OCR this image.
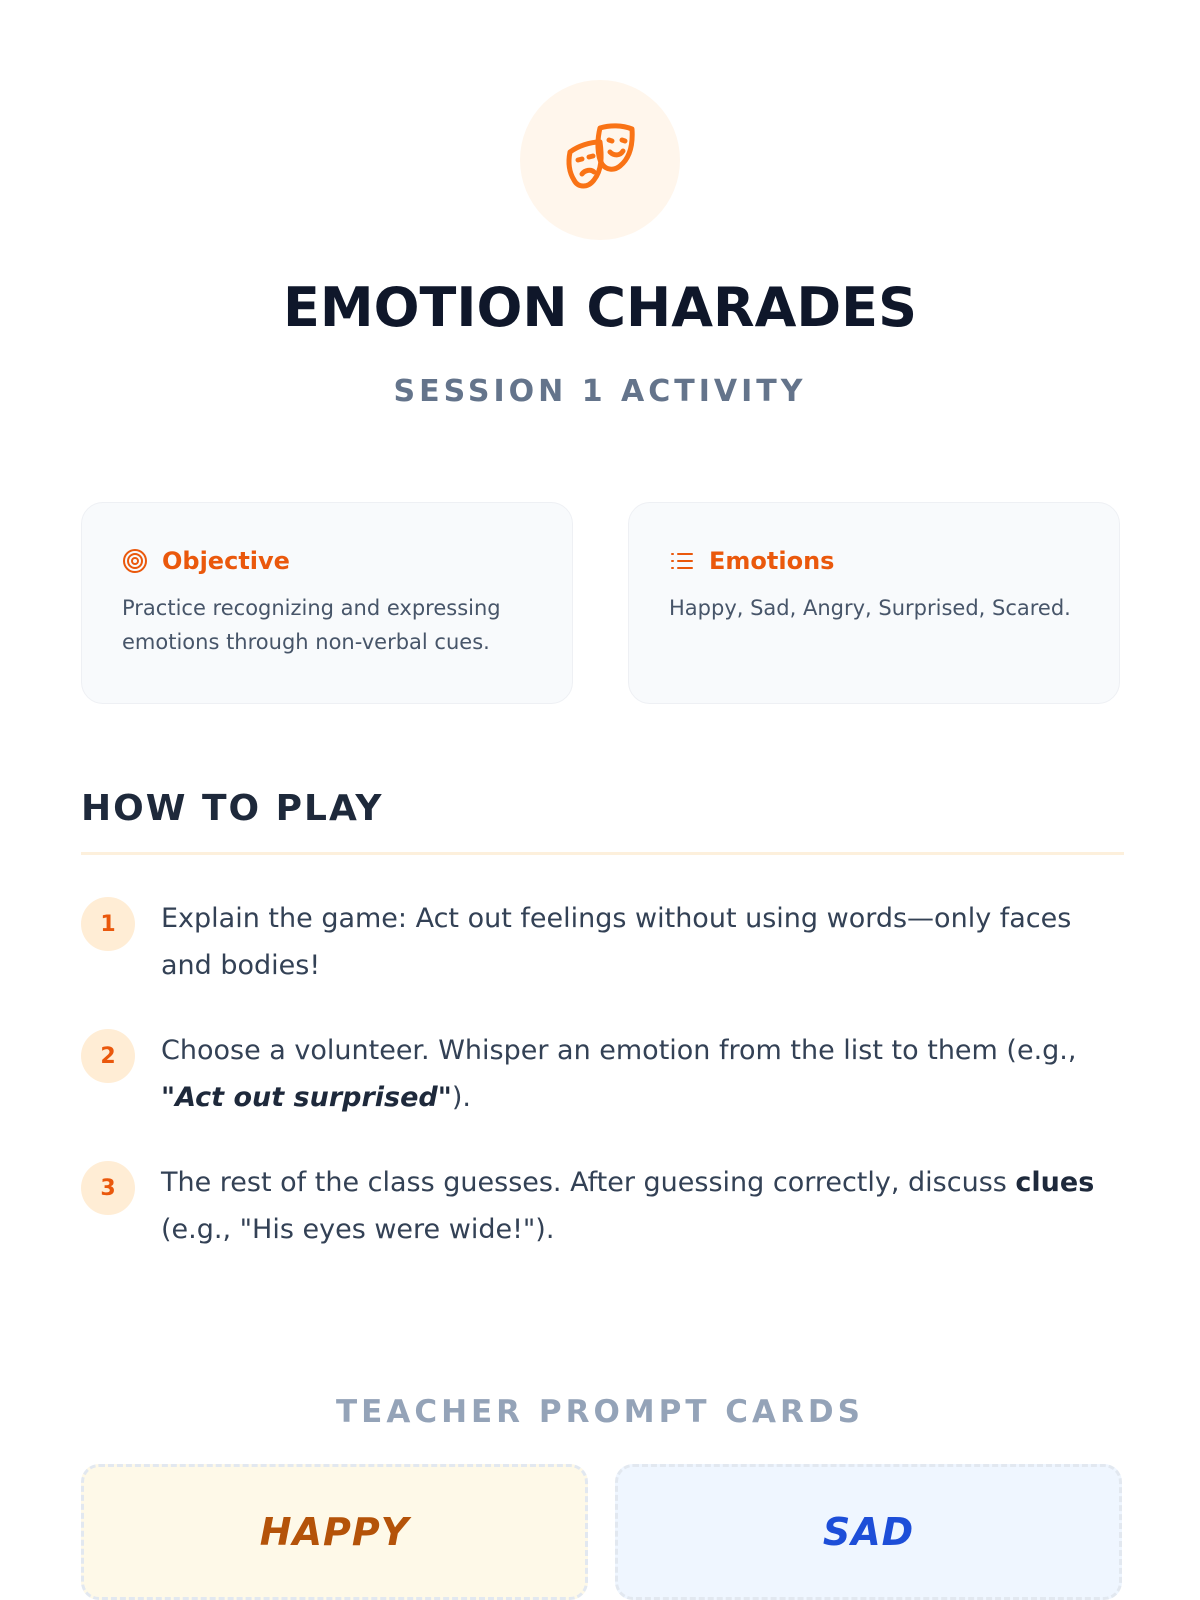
EMOTION CHARADES
SESSION 1 ACTIVITY
Objective
Practice recognizing and expressing emotions through non-verbal cues.
Emotions
Happy, Sad, Angry, Surprised, Scared.
HOW TO PLAY
1	Explain the game: Act out feelings without using words—only faces and bodies!
2	Choose a volunteer. Whisper an emotion from the list to them (e.g., "Act out surprised").
3	The rest of the class guesses. After guessing correctly, discuss clues (e.g., "His eyes were wide!").
TEACHER PROMPT CARDS
HAPPY	SAD
